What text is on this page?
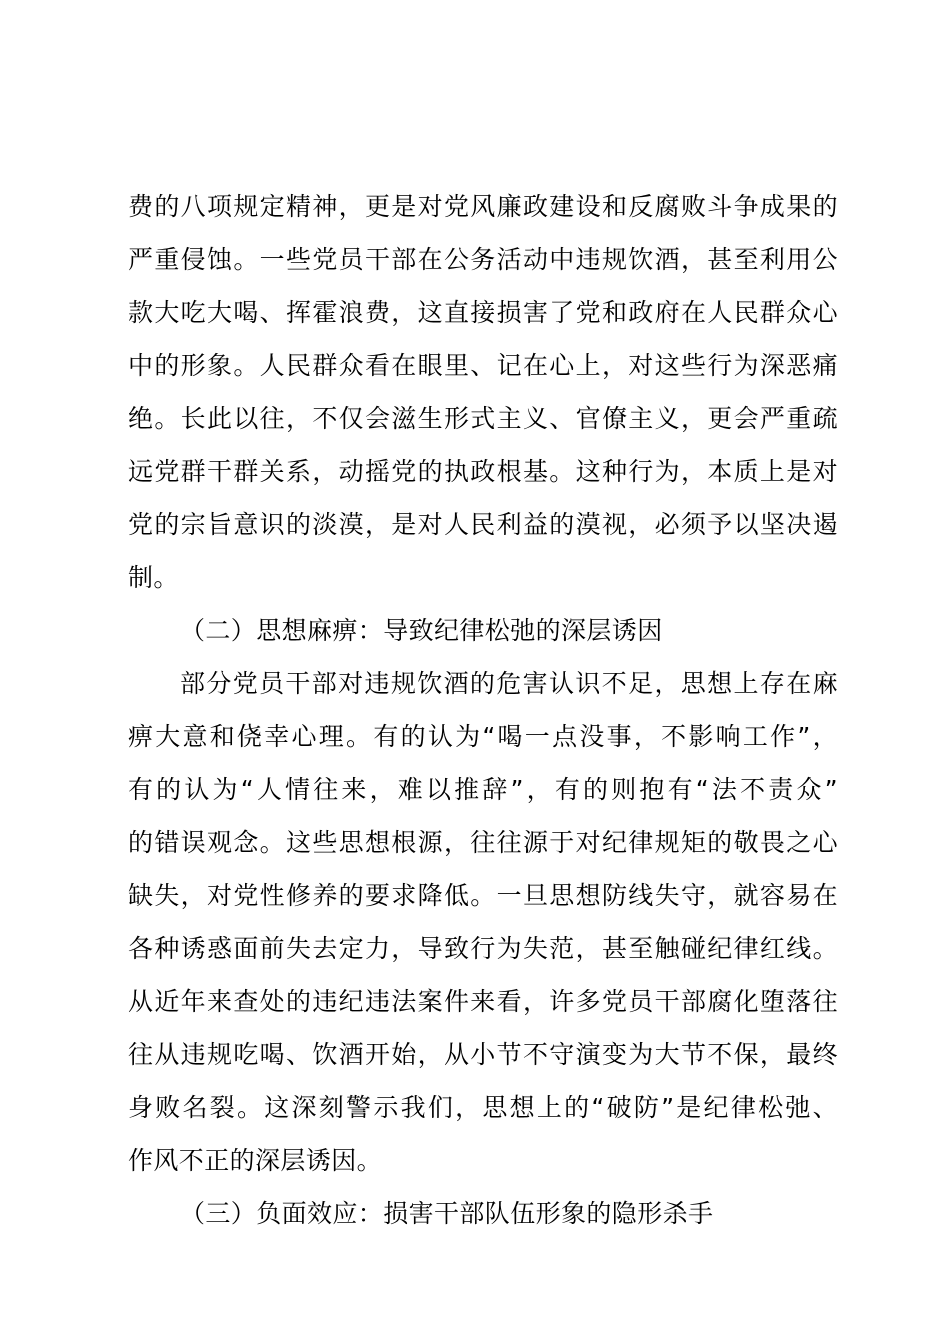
费的八项规定精神，更是对党风廉政建设和反腐败斗争成果的
严重侵蚀。一些党员干部在公务活动中违规饮酒，甚至利用公
款大吃大喝、挥霍浪费，这直接损害了党和政府在人民群众心
中的形象。人民群众看在眼里、记在心上，对这些行为深恶痛
绝。长此以往，不仅会滋生形式主义、官僚主义，更会严重疏
远党群干群关系，动摇党的执政根基。这种行为，本质上是对
党的宗旨意识的淡漠，是对人民利益的漠视，必须予以坚决遏
制。
（二）思想麻痹：导致纪律松弛的深层诱因
部分党员干部对违规饮酒的危害认识不足，思想上存在麻
痹大意和侥幸心理。有的认为“喝一点没事，不影响工作”，
有的认为“人情往来，难以推辞”，有的则抱有“法不责众”
的错误观念。这些思想根源，往往源于对纪律规矩的敬畏之心
缺失，对党性修养的要求降低。一旦思想防线失守，就容易在
各种诱惑面前失去定力，导致行为失范，甚至触碰纪律红线。
从近年来查处的违纪违法案件来看，许多党员干部腐化堕落往
往从违规吃喝、饮酒开始，从小节不守演变为大节不保，最终
身败名裂。这深刻警示我们，思想上的“破防”是纪律松弛、
作风不正的深层诱因。
（三）负面效应：损害干部队伍形象的隐形杀手
